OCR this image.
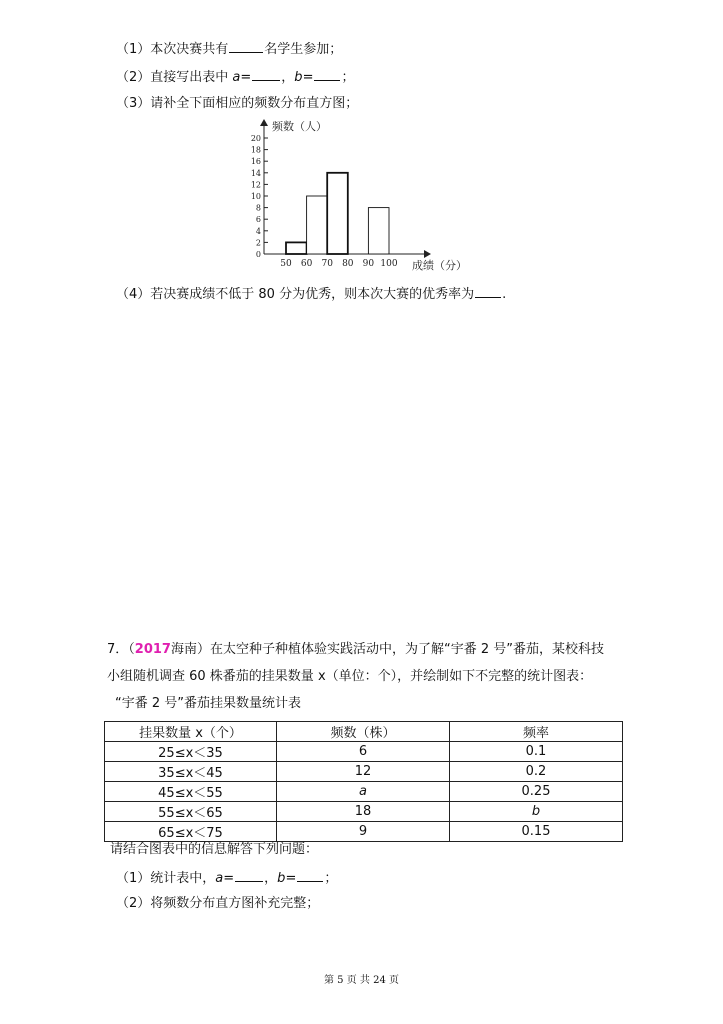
（1）本次决赛共有	名学生参加；
（2）直接写出表中 a= ，b= ；
（3）请补全下面相应的频数分布直方图；
0
2
4
6
8
10
12
14
16
18
20
50 60 70 80 90 100
频数（人）
成绩（分）
（4）若决赛成绩不低于 80 分为优秀，则本次大赛的优秀率为 .
7．（2017海南）在太空种子种植体验实践活动中，为了解“宇番 2 号”番茄，某校科技
小组随机调查 60 株番茄的挂果数量 x（单位：个），并绘制如下不完整的统计图表：
“宇番 2 号”番茄挂果数量统计表
挂果数量 x（个）	频数（株）	频率
25≤x＜35	6	0.1
35≤x＜45	12	0.2
45≤x＜55	a	0.25
55≤x＜65	18	b
65≤x＜75	9	0.15
请结合图表中的信息解答下列问题：
（1）统计表中，a= ，b= ；
（2）将频数分布直方图补充完整；
第 5 页 共 24 页
